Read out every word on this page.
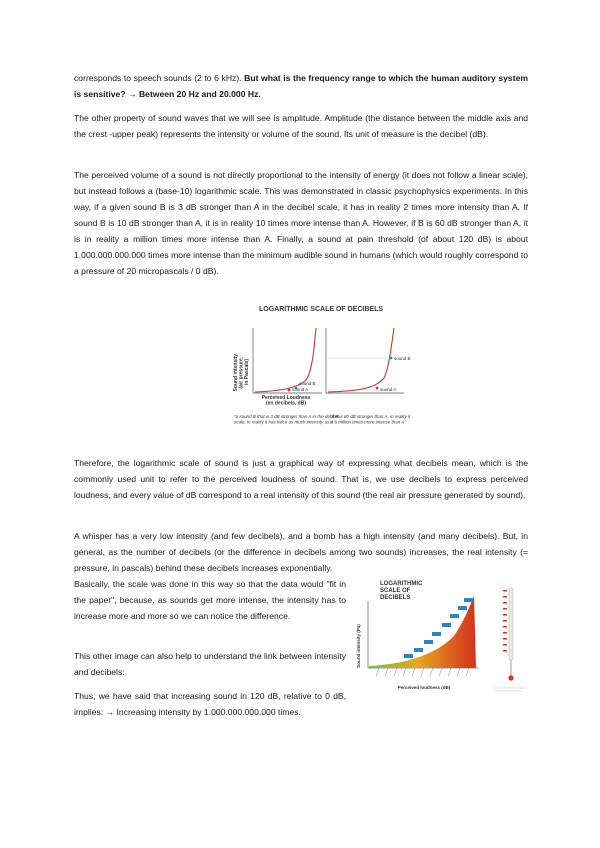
corresponds to speech sounds (2 to 6 kHz). But what is the frequency range to which the human auditory system is sensitive? → Between 20 Hz and 20.000 Hz.

The other property of sound waves that we will see is amplitude. Amplitude (the distance between the middle axis and the crest -upper peak) represents the intensity or volume of the sound. Its unit of measure is the decibel (dB).

The perceived volume of a sound is not directly proportional to the intensity of energy (it does not follow a linear scale), but instead follows a (base-10) logarithmic scale. This was demonstrated in classic psychophysics experiments. In this way, if a given sound B is 3 dB stronger than A in the decibel scale, it has in reality 2 times more intensity than A. If sound B is 10 dB stronger than A, it is in reality 10 times more intense than A. However, if B is 60 dB stronger than A, it is in reality a million times more intense than A. Finally, a sound at pain threshold (of about 120 dB) is about 1.000.000.000.000 times more intense than the minimum audible sound in humans (which would roughly correspond to a pressure of 20 micropascals / 0 dB).

LOGARITHMIC SCALE OF DECIBELS
Sound intensity (air pressure, in Pascals)	sound B
sound A
Perceived Loudness
(en decibels, dB)
"a sound B that is 3 dB stronger than A in the decibel
scale, in reality it has twice as much intensity as A"
sound B
sound A
"if B is 60 dB stronger than A, in reality it
is a million times more intense than A"

Therefore, the logarithmic scale of sound is just a graphical way of expressing what decibels mean, which is the commonly used unit to refer to the perceived loudness of sound. That is, we use decibels to express perceived loudness, and every value of dB correspond to a real intensity of this sound (the real air pressure generated by sound).

A whisper has a very low intensity (and few decibels), and a bomb has a high intensity (and many decibels). But, in general, as the number of decibels (or the difference in decibels among two sounds) increases, the real intensity (= pressure, in pascals) behind these decibels increases exponentially.

Basically, the scale was done in this way so that the data would "fit in the paper", because, as sounds get more intense, the intensity has to increase more and more so we can notice the difference.

This other image can also help to understand the link between intensity and decibels:

Thus, we have said that increasing sound in 120 dB, relative to 0 dB, implies: → Increasing intensity by 1.000.000.000.000 times.

LOGARITHMIC
SCALE OF
DECIBELS
Sound intensity (Pa)
Perceived loudness (dB)
